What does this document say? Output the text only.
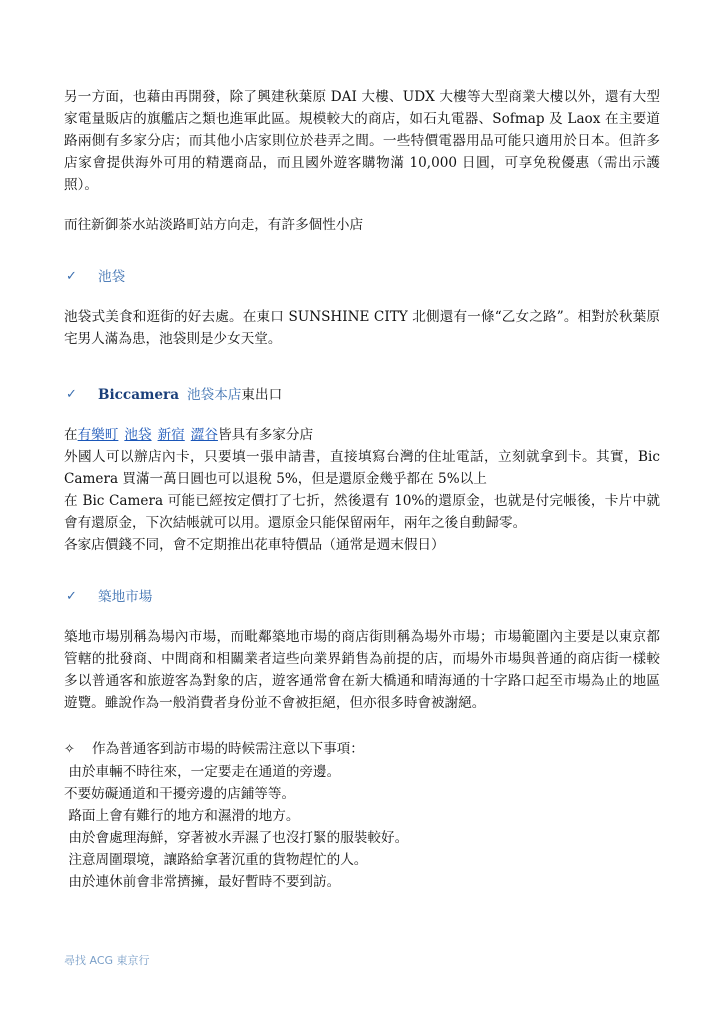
另一方面，也藉由再開發，除了興建秋葉原 DAI 大樓、UDX 大樓等大型商業大樓以外，還有大型家電量販店的旗艦店之類也進軍此區。規模較大的商店，如石丸電器、Sofmap 及 Laox 在主要道路兩側有多家分店；而其他小店家則位於巷弄之間。一些特價電器用品可能只適用於日本。但許多店家會提供海外可用的精選商品，而且國外遊客購物滿 10,000 日圓，可享免稅優惠（需出示護照）。

而往新御茶水站淡路町站方向走，有許多個性小店

✓	池袋

池袋式美食和逛街的好去處。在東口 SUNSHINE CITY 北側還有一條“乙女之路”。相對於秋葉原宅男人滿為患，池袋則是少女天堂。

✓	Biccamera 池袋本店 東出口

在有樂町 池袋 新宿 澀谷皆具有多家分店

外國人可以辦店內卡，只要填一張申請書，直接填寫台灣的住址電話，立刻就拿到卡。其實，Bic Camera 買滿一萬日圓也可以退稅 5%，但是還原金幾乎都在 5%以上

在 Bic Camera 可能已經按定價打了七折，然後還有 10%的還原金，也就是付完帳後，卡片中就會有還原金，下次結帳就可以用。還原金只能保留兩年，兩年之後自動歸零。

各家店價錢不同，會不定期推出花車特價品（通常是週末假日）

✓	築地市場

築地市場別稱為場內市場，而毗鄰築地市場的商店街則稱為場外市場；市場範圍內主要是以東京都管轄的批發商、中間商和相關業者這些向業界銷售為前提的店，而場外市場與普通的商店街一樣較多以普通客和旅遊客為對象的店，遊客通常會在新大橋通和晴海通的十字路口起至市場為止的地區遊覽。雖說作為一般消費者身份並不會被拒絕，但亦很多時會被謝絕。

✧ 作為普通客到訪市場的時候需注意以下事項：

由於車輛不時往來，一定要走在通道的旁邊。
不要妨礙通道和干擾旁邊的店鋪等等。
路面上會有難行的地方和濕滑的地方。
由於會處理海鮮，穿著被水弄濕了也沒打緊的服裝較好。
注意周圍環境，讓路給拿著沉重的貨物趕忙的人。
由於連休前會非常擠擁，最好暫時不要到訪。
尋找 ACG 東京行
